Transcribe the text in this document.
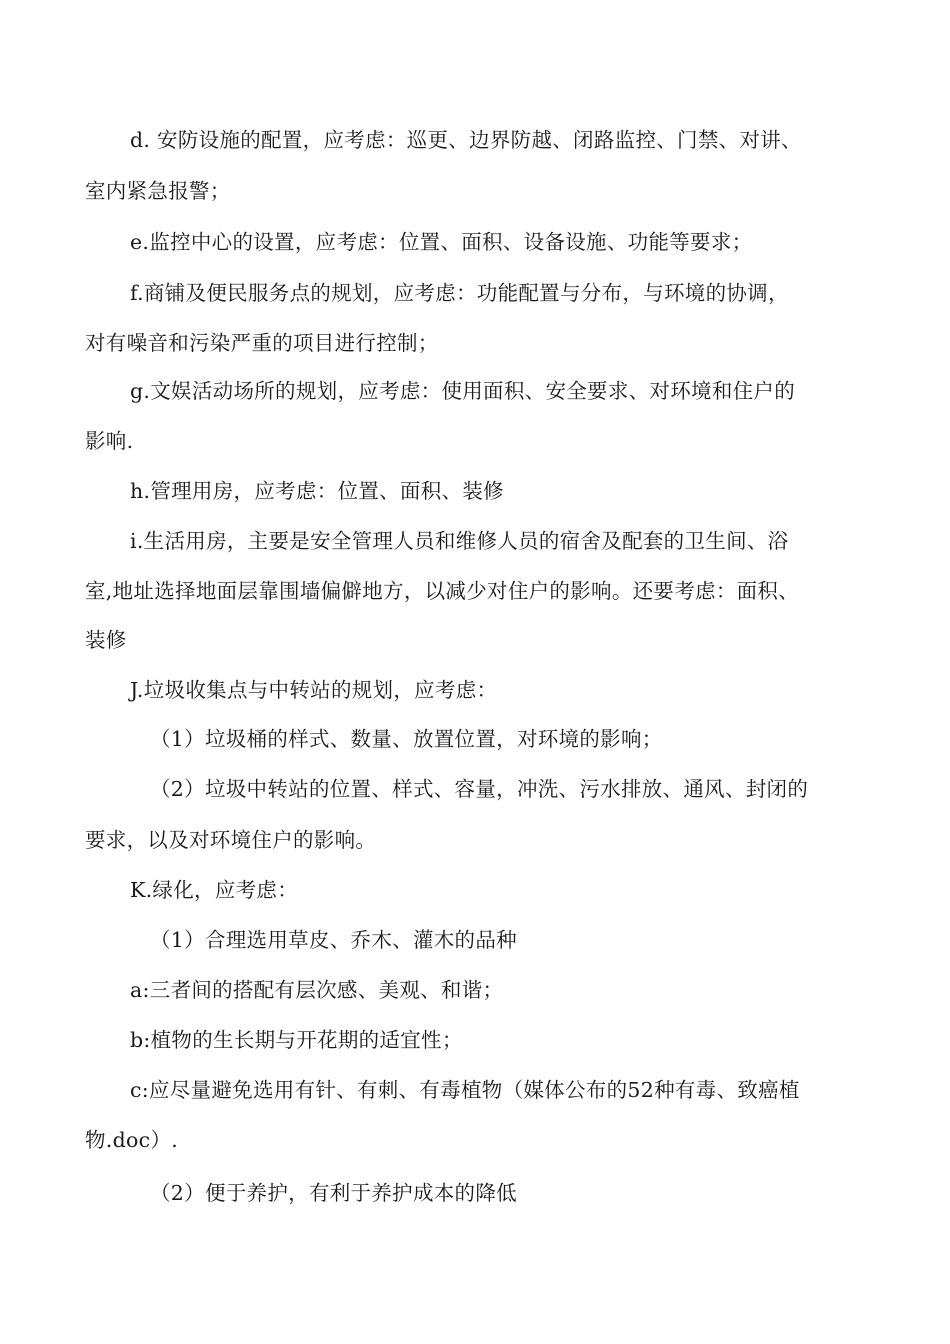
d. 安防设施的配置，应考虑：巡更、边界防越、闭路监控、门禁、对讲、
室内紧急报警；
e.监控中心的设置，应考虑：位置、面积、设备设施、功能等要求；
f.商铺及便民服务点的规划，应考虑：功能配置与分布，与环境的协调，
对有噪音和污染严重的项目进行控制；
g.文娱活动场所的规划，应考虑：使用面积、安全要求、对环境和住户的
影响.
h.管理用房，应考虑：位置、面积、装修
i.生活用房，主要是安全管理人员和维修人员的宿舍及配套的卫生间、浴
室,地址选择地面层靠围墙偏僻地方，以减少对住户的影响。还要考虑：面积、
装修
J.垃圾收集点与中转站的规划，应考虑：
（1）垃圾桶的样式、数量、放置位置，对环境的影响；
（2）垃圾中转站的位置、样式、容量，冲洗、污水排放、通风、封闭的
要求，以及对环境住户的影响。
K.绿化，应考虑：
（1）合理选用草皮、乔木、灌木的品种
a:三者间的搭配有层次感、美观、和谐；
b:植物的生长期与开花期的适宜性；
c:应尽量避免选用有针、有刺、有毒植物（媒体公布的52种有毒、致癌植
物.doc）.
（2）便于养护，有利于养护成本的降低
